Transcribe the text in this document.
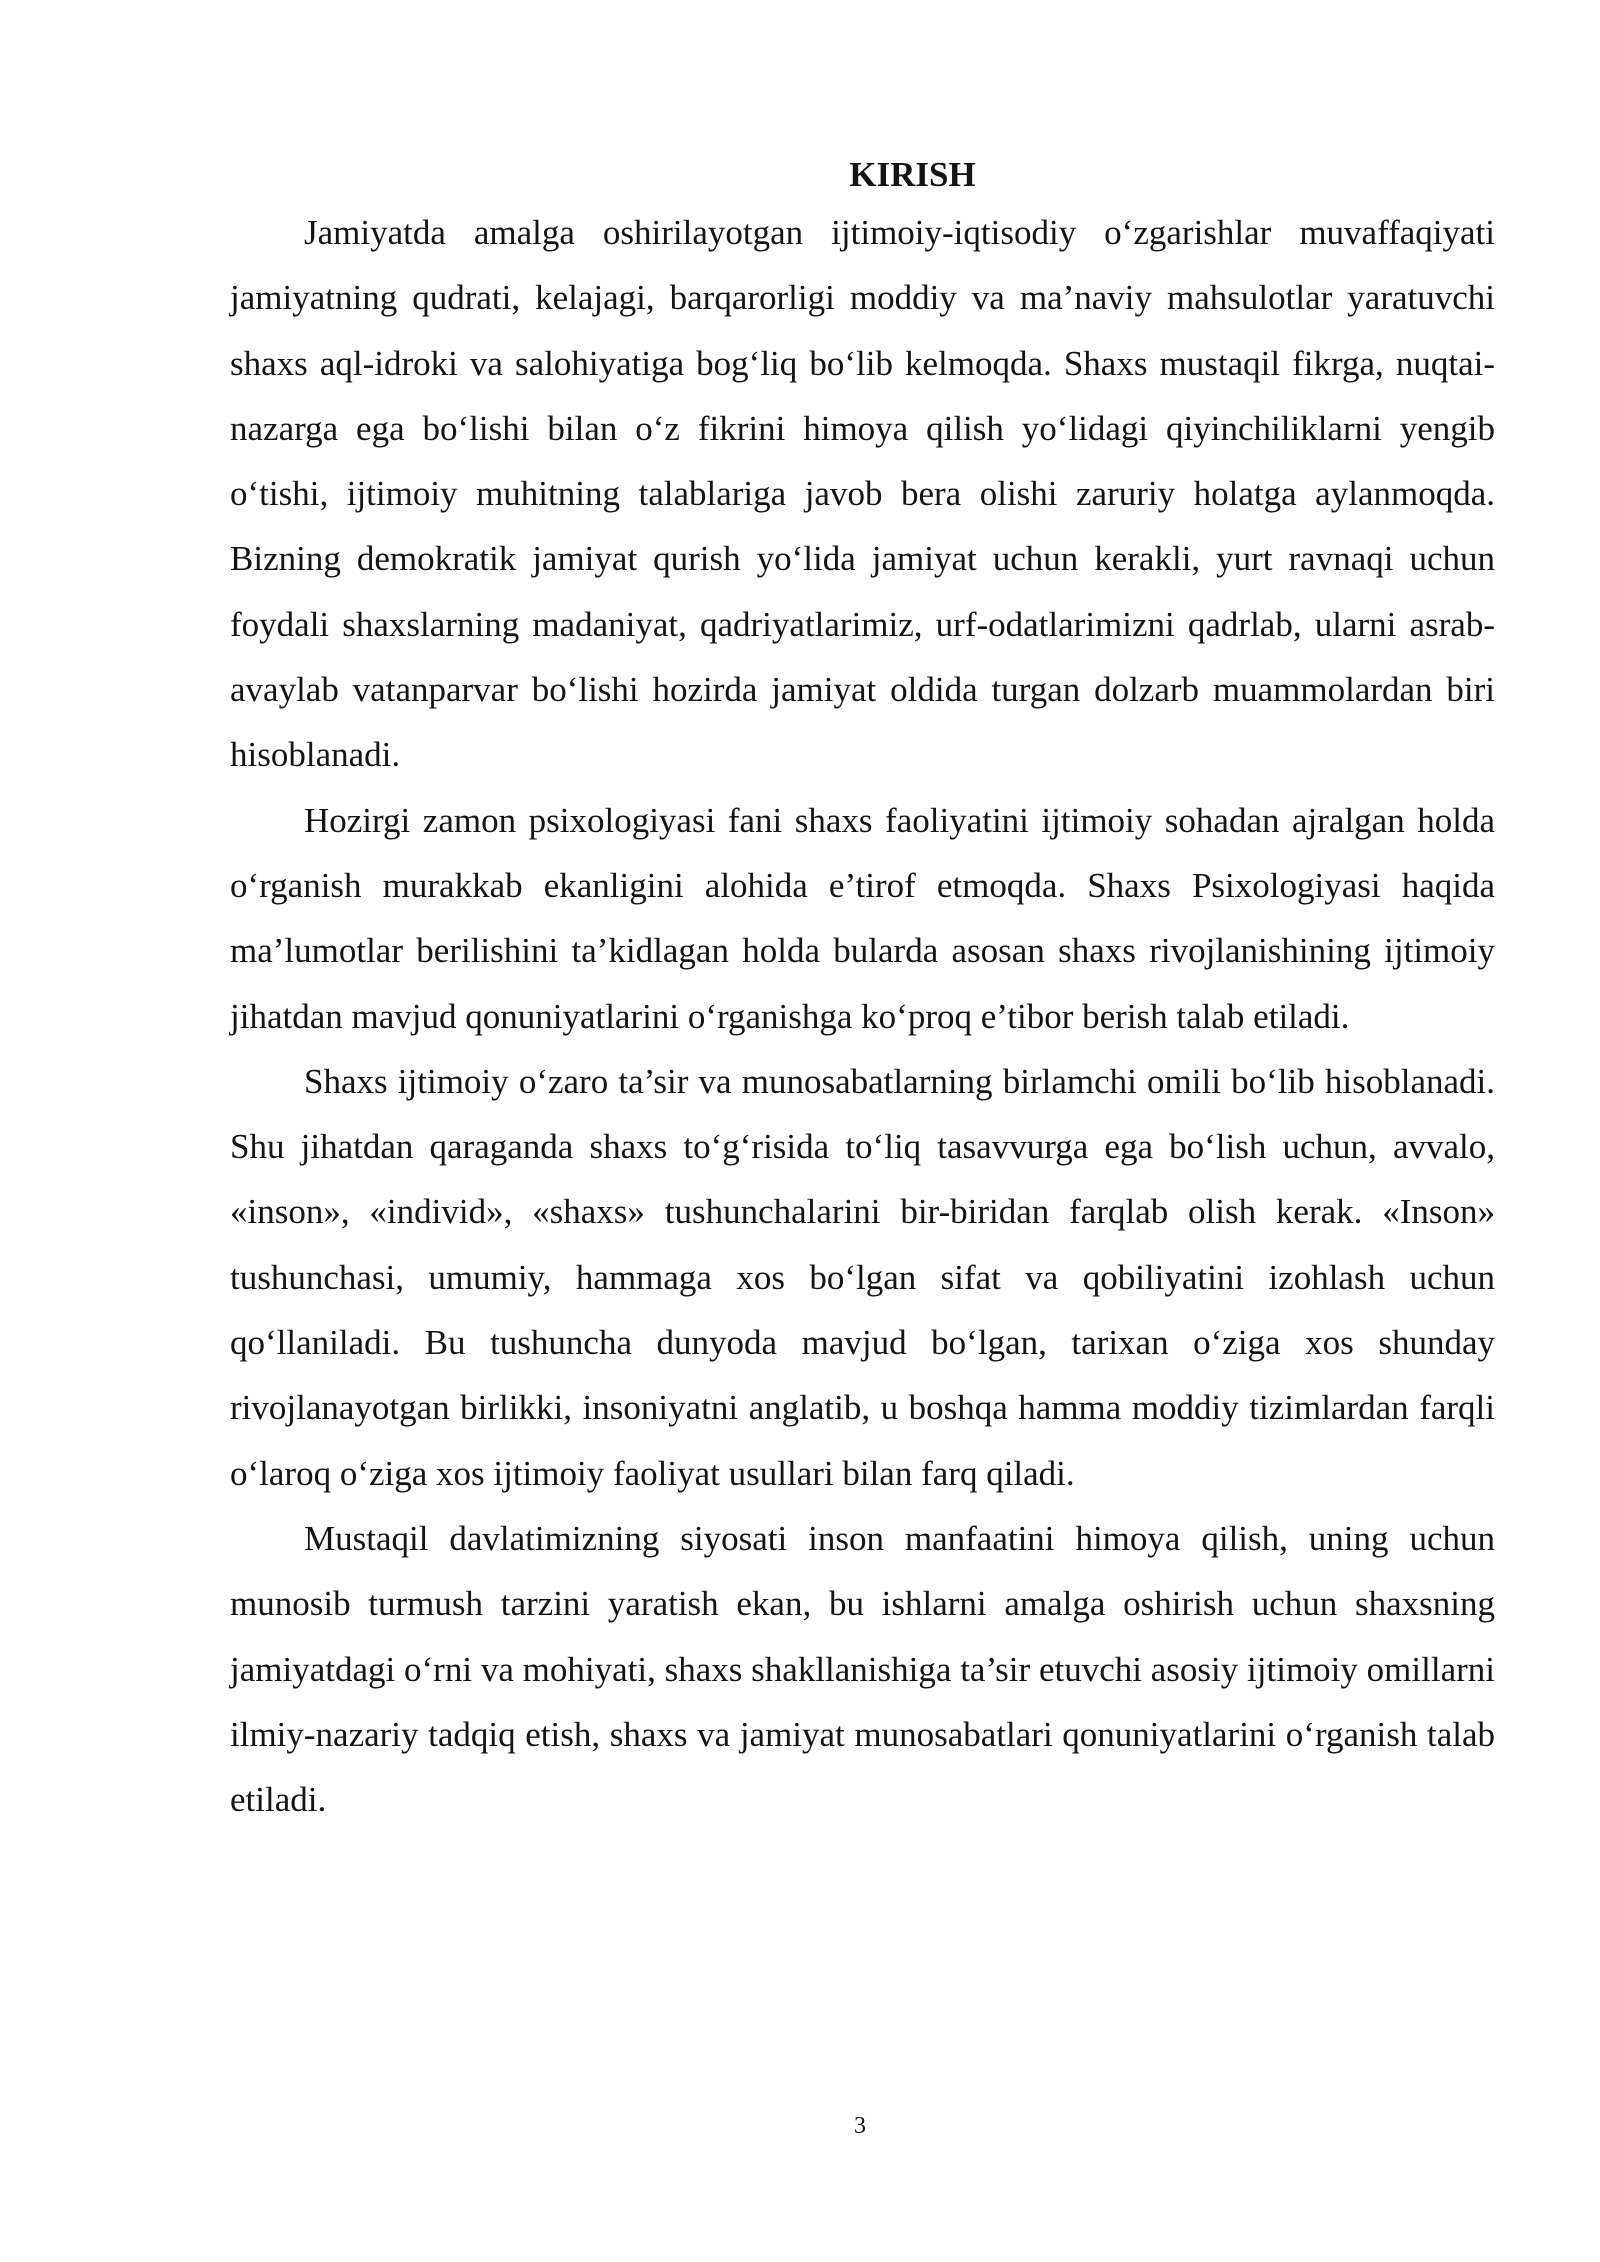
KIRISH

Jamiyatda amalga oshirilayotgan ijtimoiy-iqtisodiy o‘zgarishlar muvaffaqiyati jamiyatning qudrati, kelajagi, barqarorligi moddiy va ma’naviy mahsulotlar yaratuvchi shaxs aql-idroki va salohiyatiga bog‘liq bo‘lib kelmoqda. Shaxs mustaqil fikrga, nuqtai-nazarga ega bo‘lishi bilan o‘z fikrini himoya qilish yo‘lidagi qiyinchiliklarni yengib o‘tishi, ijtimoiy muhitning talablariga javob bera olishi zaruriy holatga aylanmoqda. Bizning demokratik jamiyat qurish yo‘lida jamiyat uchun kerakli, yurt ravnaqi uchun foydali shaxslarning madaniyat, qadriyatlarimiz, urf-odatlarimizni qadrlab, ularni asrab-avaylab vatanparvar bo‘lishi hozirda jamiyat oldida turgan dolzarb muammolardan biri hisoblanadi.

Hozirgi zamon psixologiyasi fani shaxs faoliyatini ijtimoiy sohadan ajralgan holda o‘rganish murakkab ekanligini alohida e’tirof etmoqda. Shaxs Psixologiyasi haqida ma’lumotlar berilishini ta’kidlagan holda bularda asosan shaxs rivojlanishining ijtimoiy jihatdan mavjud qonuniyatlarini o‘rganishga ko‘proq e’tibor berish talab etiladi.

Shaxs ijtimoiy o‘zaro ta’sir va munosabatlarning birlamchi omili bo‘lib hisoblanadi. Shu jihatdan qaraganda shaxs to‘g‘risida to‘liq tasavvurga ega bo‘lish uchun, avvalo, «inson», «individ», «shaxs» tushunchalarini bir-biridan farqlab olish kerak. «Inson» tushunchasi, umumiy, hammaga xos bo‘lgan sifat va qobiliyatini izohlash uchun qo‘llaniladi. Bu tushuncha dunyoda mavjud bo‘lgan, tarixan o‘ziga xos shunday rivojlanayotgan birlikki, insoniyatni anglatib, u boshqa hamma moddiy tizimlardan farqli o‘laroq o‘ziga xos ijtimoiy faoliyat usullari bilan farq qiladi.

Mustaqil davlatimizning siyosati inson manfaatini himoya qilish, uning uchun munosib turmush tarzini yaratish ekan, bu ishlarni amalga oshirish uchun shaxsning jamiyatdagi o‘rni va mohiyati, shaxs shakllanishiga ta’sir etuvchi asosiy ijtimoiy omillarni ilmiy-nazariy tadqiq etish, shaxs va jamiyat munosabatlari qonuniyatlarini o‘rganish talab etiladi.

3
